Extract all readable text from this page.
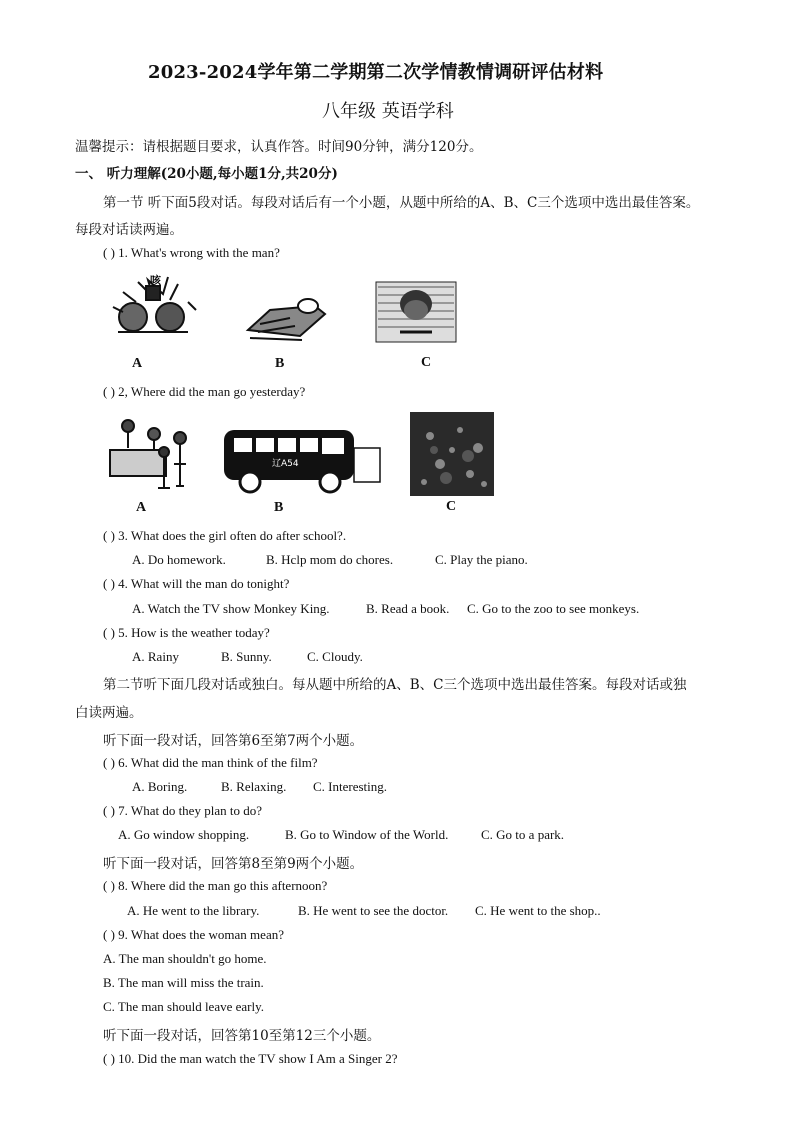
2023-2024学年第二学期第二次学情教情调研评估材料
八年级 英语学科
温馨提示：请根据题目要求，认真作答。时间90分钟，满分120分。
一、 听力理解(20小题,每小题1分,共20分)
第一节 听下面5段对话。每段对话后有一个小题，从题中所给的A、B、C三个选项中选出最佳答案。
每段对话读两遍。
( ) 1. What's wrong with the man?
咳
A	B	C
( ) 2, Where did the man go yesterday?
辽A54
A	B	C
( ) 3. What does the girl often do after school?.
A. Do homework.	B. Hclp mom do chores.	C. Play the piano.
( ) 4. What will the man do tonight?
A. Watch the TV show Monkey King.	B. Read a book. C. Go to the zoo to see monkeys.
( ) 5. How is the weather today?
A. Rainy	B. Sunny.	C. Cloudy.
第二节听下面几段对话或独白。每从题中所给的A、B、C三个选项中选出最佳答案。每段对话或独
白读两遍。
听下面一段对话，回答第6至第7两个小题。
( ) 6. What did the man think of the film?
A. Boring.	B. Relaxing. C. Interesting.
( ) 7. What do they plan to do?
A. Go window shopping.	B. Go to Window of the World.	C. Go to a park.
听下面一段对话，回答第8至第9两个小题。
( ) 8. Where did the man go this afternoon?
A. He went to the library.	B. He went to see the doctor. C. He went to the shop..
( ) 9. What does the woman mean?
A. The man shouldn't go home.
B. The man will miss the train.
C. The man should leave early.
听下面一段对话，回答第10至第12三个小题。
( ) 10. Did the man watch the TV show I Am a Singer 2?
